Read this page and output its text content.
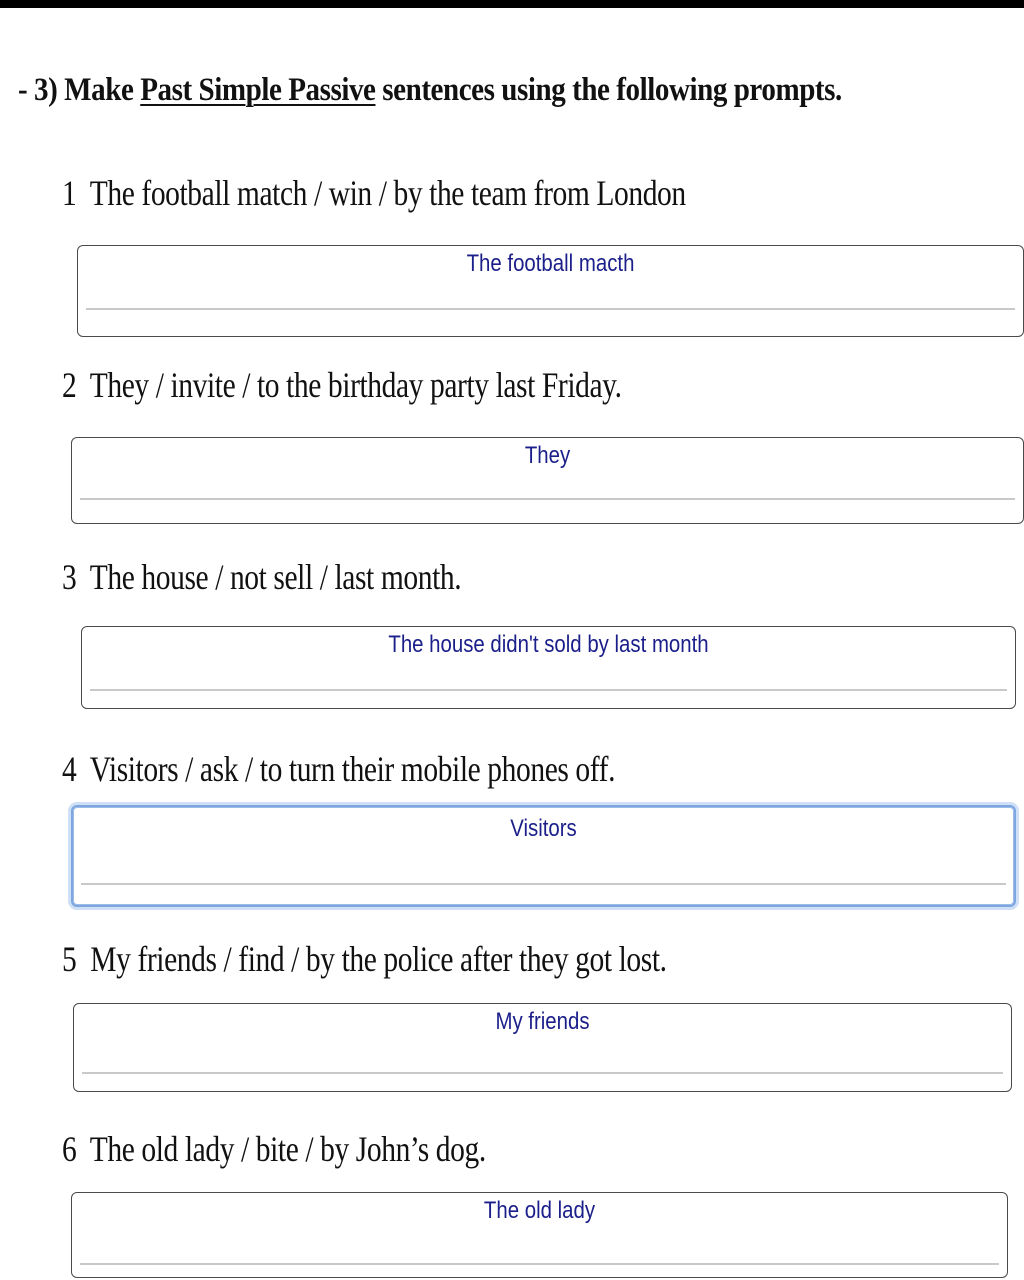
- 3) Make Past Simple Passive sentences using the following prompts.
1 The football match / win / by the team from London
The football macth
2 They / invite / to the birthday party last Friday.
They
3 The house / not sell / last month.
The house didn't sold by last month
4 Visitors / ask / to turn their mobile phones off.
Visitors
5 My friends / find / by the police after they got lost.
My friends
6 The old lady / bite / by John’s dog.
The old lady
